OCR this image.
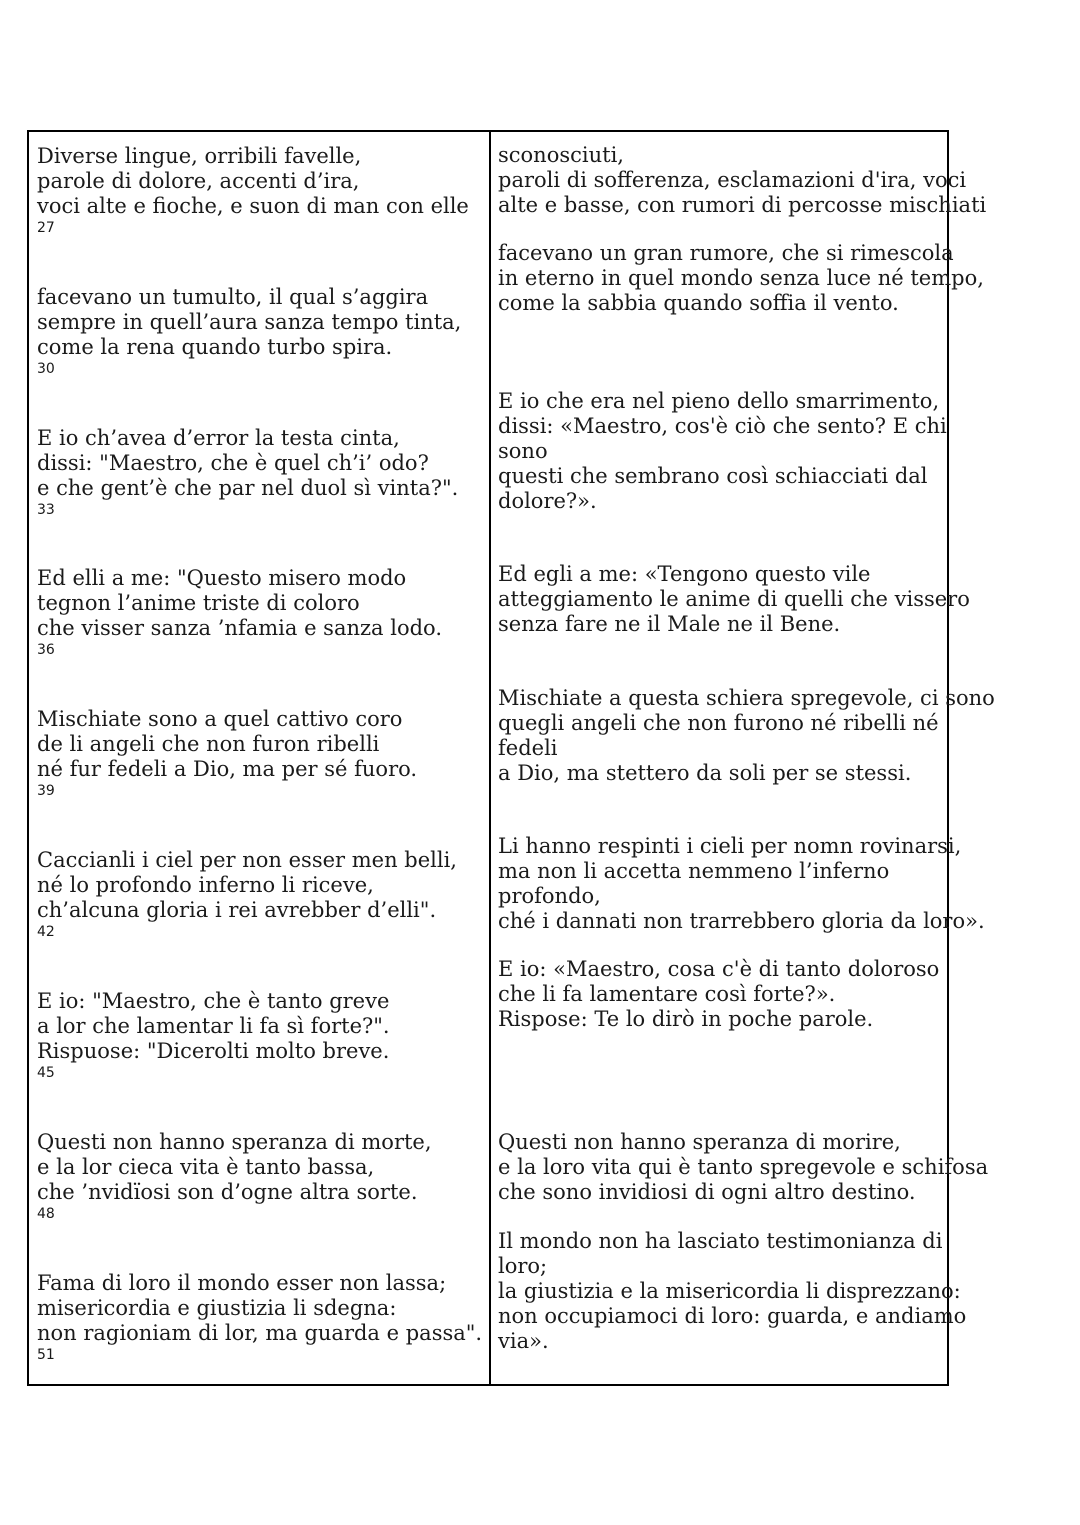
Diverse lingue, orribili favelle,
parole di dolore, accenti d’ira,
voci alte e fioche, e suon di man con elle
27
facevano un tumulto, il qual s’aggira
sempre in quell’aura sanza tempo tinta,
come la rena quando turbo spira.
30
E io ch’avea d’error la testa cinta,
dissi: "Maestro, che è quel ch’i’ odo?
e che gent’è che par nel duol sì vinta?".
33
Ed elli a me: "Questo misero modo
tegnon l’anime triste di coloro
che visser sanza ’nfamia e sanza lodo.
36
Mischiate sono a quel cattivo coro
de li angeli che non furon ribelli
né fur fedeli a Dio, ma per sé fuoro.
39
Caccianli i ciel per non esser men belli,
né lo profondo inferno li riceve,
ch’alcuna gloria i rei avrebber d’elli".
42
E io: "Maestro, che è tanto greve
a lor che lamentar li fa sì forte?".
Rispuose: "Dicerolti molto breve.
45
Questi non hanno speranza di morte,
e la lor cieca vita è tanto bassa,
che ’nvidïosi son d’ogne altra sorte.
48
Fama di loro il mondo esser non lassa;
misericordia e giustizia li sdegna:
non ragioniam di lor, ma guarda e passa".
51
sconosciuti,
paroli di sofferenza, esclamazioni d'ira, voci
alte e basse, con rumori di percosse mischiati
facevano un gran rumore, che si rimescola
in eterno in quel mondo senza luce né tempo,
come la sabbia quando soffia il vento.
E io che era nel pieno dello smarrimento,
dissi: «Maestro, cos'è ciò che sento? E chi
sono
questi che sembrano così schiacciati dal
dolore?».
Ed egli a me: «Tengono questo vile
atteggiamento le anime di quelli che vissero
senza fare ne il Male ne il Bene.
Mischiate a questa schiera spregevole, ci sono
quegli angeli che non furono né ribelli né
fedeli
a Dio, ma stettero da soli per se stessi.
Li hanno respinti i cieli per nomn rovinarsi,
ma non li accetta nemmeno l’inferno
profondo,
ché i dannati non trarrebbero gloria da loro».
E io: «Maestro, cosa c'è di tanto doloroso
che li fa lamentare così forte?».
Rispose: Te lo dirò in poche parole.
Questi non hanno speranza di morire,
e la loro vita qui è tanto spregevole e schifosa
che sono invidiosi di ogni altro destino.
Il mondo non ha lasciato testimonianza di
loro;
la giustizia e la misericordia li disprezzano:
non occupiamoci di loro: guarda, e andiamo
via».
